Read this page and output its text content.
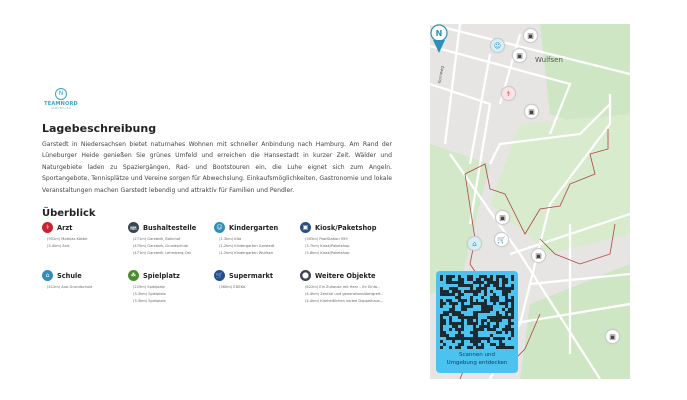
N
TEAMNORD
IMMOBILIEN
Lagebeschreibung

Garstedt in Niedersachsen bietet naturnahes Wohnen mit schneller Anbindung nach Hamburg. Am Rand der Lüneburger Heide genießen Sie grünes Umfeld und erreichen die Hansestadt in kurzer Zeit. Wälder und Naturgebiete laden zu Spaziergängen, Rad- und Bootstouren ein, die Luhe eignet sich zum Angeln. Sportangebote, Tennisplätze und Vereine sorgen für Abwechslung. Einkaufsmöglichkeiten, Gastronomie und lokale Veranstaltungen machen Garstedt lebendig und attraktiv für Familien und Pendler.

Überblick
⚕	Arzt
(952m) Mathias Köster
(3.4km) Arzt
🚌 Bushaltestelle
(271m) Garstedt, Bahnhof
(470m) Garstedt, Grundschule
(471m) Garstedt, Lehmberg-Ost
☺ Kindergarten
(1.3km) Kita
(1.2km) Kindergarten Garstedt
(1.2km) Kindergarten Wulfsen
▣	Kiosk/Paketshop
(305m) PostStation 599
(3.7km) Kiosk/Paketshop
(3.8km) Kiosk/Paketshop
⌂	Schule
(412m) Aue-Grundschule
☘	Spielplatz
(225m) Spielplatz
(3.3km) Spielplatz
(3.3km) Spielplatz
🛒 Supermarkt
(360m) EDEKA
⬤ Weitere Objekte
(822m) Ein Zuhause mit Herz – Ihr Einfa...
(4.4km) Zentral und generationsübergreif...
(4.4km) Klarheitlichen vorbei Doppelhaus...
Wulfsen
Kornweg
▣
☺
▣
⚕
▣
▣
⌂	🛒
▣
▣
Scannen und
Umgebung entdecken
N
